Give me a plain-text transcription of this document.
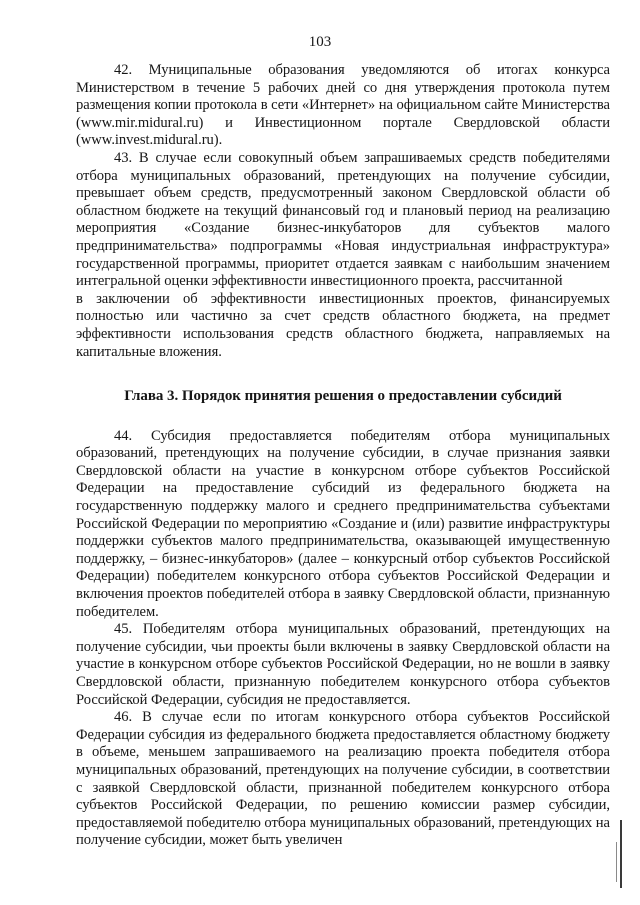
103

42. Муниципальные образования уведомляются об итогах конкурса Министерством в течение 5 рабочих дней со дня утверждения протокола путем размещения копии протокола в сети «Интернет» на официальном сайте Министерства (www.mir.midural.ru) и Инвестиционном портале Свердловской области (www.invest.midural.ru).

43. В случае если совокупный объем запрашиваемых средств победителями отбора муниципальных образований, претендующих на получение субсидии, превышает объем средств, предусмотренный законом Свердловской области об областном бюджете на текущий финансовый год и плановый период на реализацию мероприятия «Создание бизнес-инкубаторов для субъектов малого предпринимательства» подпрограммы «Новая индустриальная инфраструктура» государственной программы, приоритет отдается заявкам с наибольшим значением интегральной оценки эффективности инвестиционного проекта, рассчитанной

в заключении об эффективности инвестиционных проектов, финансируемых полностью или частично за счет средств областного бюджета, на предмет эффективности использования средств областного бюджета, направляемых на капитальные вложения.

Глава 3. Порядок принятия решения о предоставлении субсидий

44. Субсидия предоставляется победителям отбора муниципальных образований, претендующих на получение субсидии, в случае признания заявки Свердловской области на участие в конкурсном отборе субъектов Российской Федерации на предоставление субсидий из федерального бюджета на государственную поддержку малого и среднего предпринимательства субъектами Российской Федерации по мероприятию «Создание и (или) развитие инфраструктуры поддержки субъектов малого предпринимательства, оказывающей имущественную поддержку, – бизнес-инкубаторов» (далее – конкурсный отбор субъектов Российской Федерации) победителем конкурсного отбора субъектов Российской Федерации и включения проектов победителей отбора в заявку Свердловской области, признанную победителем.

45. Победителям отбора муниципальных образований, претендующих на получение субсидии, чьи проекты были включены в заявку Свердловской области на участие в конкурсном отборе субъектов Российской Федерации, но не вошли в заявку Свердловской области, признанную победителем конкурсного отбора субъектов Российской Федерации, субсидия не предоставляется.

46. В случае если по итогам конкурсного отбора субъектов Российской Федерации субсидия из федерального бюджета предоставляется областному бюджету в объеме, меньшем запрашиваемого на реализацию проекта победителя отбора муниципальных образований, претендующих на получение субсидии, в соответствии с заявкой Свердловской области, признанной победителем конкурсного отбора субъектов Российской Федерации, по решению комиссии размер субсидии, предоставляемой победителю отбора муниципальных образований, претендующих на получение субсидии, может быть увеличен
